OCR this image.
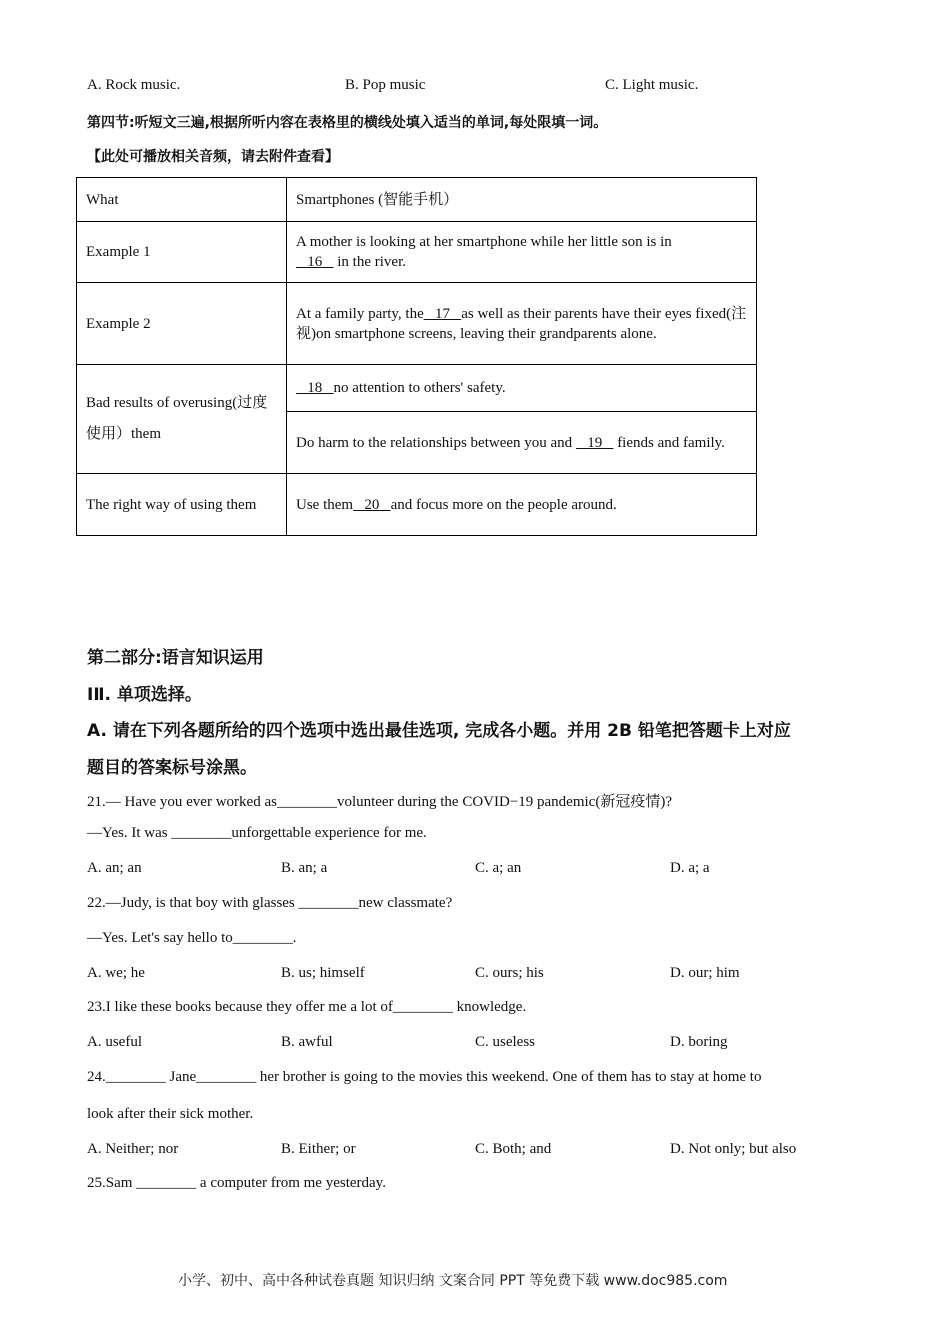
A. Rock music.	B. Pop music	C. Light music.
第四节:听短文三遍,根据所听内容在表格里的横线处填入适当的单词,每处限填一词。
【此处可播放相关音频，请去附件查看】
What	Smartphones (智能手机）
Example 1	A mother is looking at her smartphone while her little son is in
16    in the river.
Example 2	At a family party, the 17 as well as their parents have their eyes fixed(注视)on smartphone screens, leaving their grandparents alone.
Bad results of overusing(过度使用）them	18 no attention to others' safety.
	Do harm to the relationships between you and    19    fiends and family.
The right way of using them	Use them 20 and focus more on the people around.
第二部分:语言知识运用
IⅡ. 单项选择。
A. 请在下列各题所给的四个选项中选出最佳选项, 完成各小题。并用 2B 铅笔把答题卡上对应
题目的答案标号涂黑。
21.— Have you ever worked as________volunteer during the COVID−19 pandemic(新冠疫情)?
—Yes. It was ________unforgettable experience for me.
A. an; an	B. an; a	C. a; an	D. a; a
22.—Judy, is that boy with glasses ________new classmate?
—Yes. Let's say hello to________.
A. we; he	B. us; himself	C. ours; his	D. our; him
23.I like these books because they offer me a lot of________ knowledge.
A. useful	B. awful	C. useless	D. boring
24.________ Jane________ her brother is going to the movies this weekend. One of them has to stay at home to
look after their sick mother.
A. Neither; nor	B. Either; or	C. Both; and	D. Not only; but also
25.Sam ________ a computer from me yesterday.
小学、初中、高中各种试卷真题 知识归纳 文案合同 PPT 等免费下载 www.doc985.com
